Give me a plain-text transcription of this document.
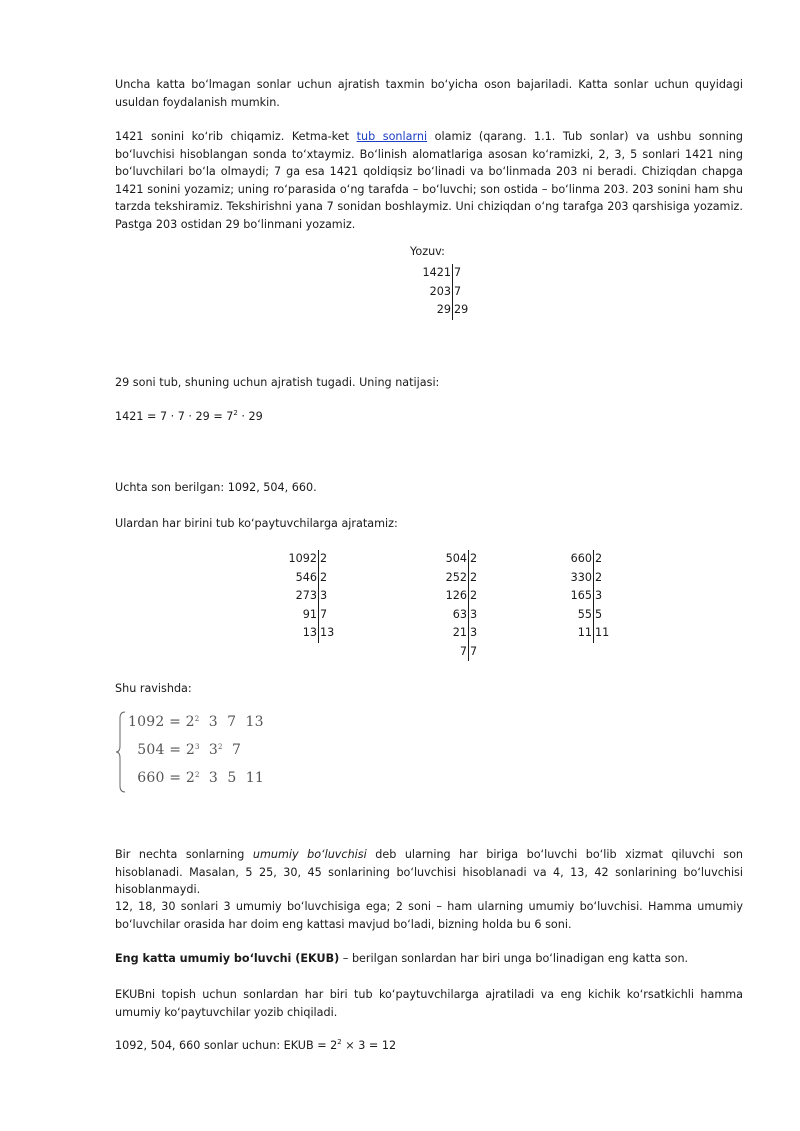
Uncha katta bo‘lmagan sonlar uchun ajratish taxmin bo‘yicha oson bajariladi. Katta sonlar uchun quyidagi usuldan foydalanish mumkin.

1421 sonini ko‘rib chiqamiz. Ketma-ket tub sonlarni olamiz (qarang. 1.1. Tub sonlar) va ushbu sonning bo‘luvchisi hisoblangan sonda to‘xtaymiz. Bo‘linish alomatlariga asosan ko‘ramizki, 2, 3, 5 sonlari 1421 ning bo‘luvchilari bo‘la olmaydi; 7 ga esa 1421 qoldiqsiz bo‘linadi va bo‘linmada 203 ni beradi. Chiziqdan chapga 1421 sonini yozamiz; uning ro‘parasida o‘ng tarafda – bo‘luvchi; son ostida – bo‘linma 203. 203 sonini ham shu tarzda tekshiramiz. Tekshirishni yana 7 sonidan boshlaymiz. Uni chiziqdan o‘ng tarafga 203 qarshisiga yozamiz. Pastga 203 ostidan 29 bo‘linmani yozamiz.

Yozuv:
1421 7
203 7
29 29

29 soni tub, shuning uchun ajratish tugadi. Uning natijasi:

$1421 = 7 \cdot 7 \cdot 29 = 7^2 \cdot 29$

Uchta son berilgan: 1092, 504, 660.

Ulardan har birini tub ko‘paytuvchilarga ajratamiz:

1092 2
546 2
273 3
91 7
13 13
504 2
252 2
126 2
63 3
21 3
7 7
660 2
330 2
165 3
55 5
11 11

Shu ravishda:

$1092 = 2^2$  3  7  13
$504 = 2^3$  $3^2$  7
$660 = 2^2$  3  5  11

Bir nechta sonlarning umumiy bo‘luvchisi deb ularning har biriga bo‘luvchi bo‘lib xizmat qiluvchi son hisoblanadi. Masalan, 5 25, 30, 45 sonlarining bo‘luvchisi hisoblanadi va 4, 13, 42 sonlarining bo‘luvchisi hisoblanmaydi.

12, 18, 30 sonlari 3 umumiy bo‘luvchisiga ega; 2 soni – ham ularning umumiy bo‘luvchisi. Hamma umumiy bo‘luvchilar orasida har doim eng kattasi mavjud bo‘ladi, bizning holda bu 6 soni.

Eng katta umumiy bo‘luvchi (EKUB) – berilgan sonlardan har biri unga bo‘linadigan eng katta son.

EKUBni topish uchun sonlardan har biri tub ko‘paytuvchilarga ajratiladi va eng kichik ko‘rsatkichli hamma umumiy ko‘paytuvchilar yozib chiqiladi.

1092, 504, 660 sonlar uchun: EKUB = $2^2 \times 3 = 12$
